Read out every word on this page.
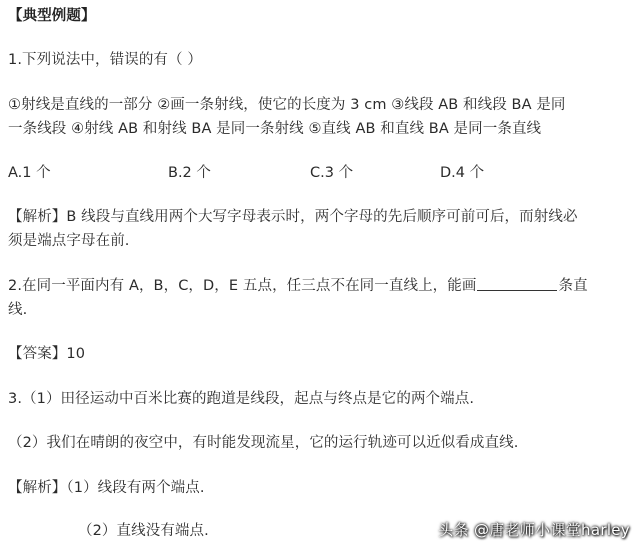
【典型例题】
1.下列说法中，错误的有（ ）
①射线是直线的一部分 ②画一条射线，使它的长度为 3 cm ③线段 AB 和线段 BA 是同
一条线段 ④射线 AB 和射线 BA 是同一条射线 ⑤直线 AB 和直线 BA 是同一条直线
A.1 个	B.2 个	C.3 个	D.4 个
【解析】B 线段与直线用两个大写字母表示时，两个字母的先后顺序可前可后，而射线必
须是端点字母在前.
2.在同一平面内有 A，B，C，D，E 五点，任三点不在同一直线上，能画	条直
线.
【答案】10
3.（1）田径运动中百米比赛的跑道是线段，起点与终点是它的两个端点.
（2）我们在晴朗的夜空中，有时能发现流星，它的运行轨迹可以近似看成直线.
【解析】（1）线段有两个端点.
（2）直线没有端点.	头条 @唐老师小课堂harley
